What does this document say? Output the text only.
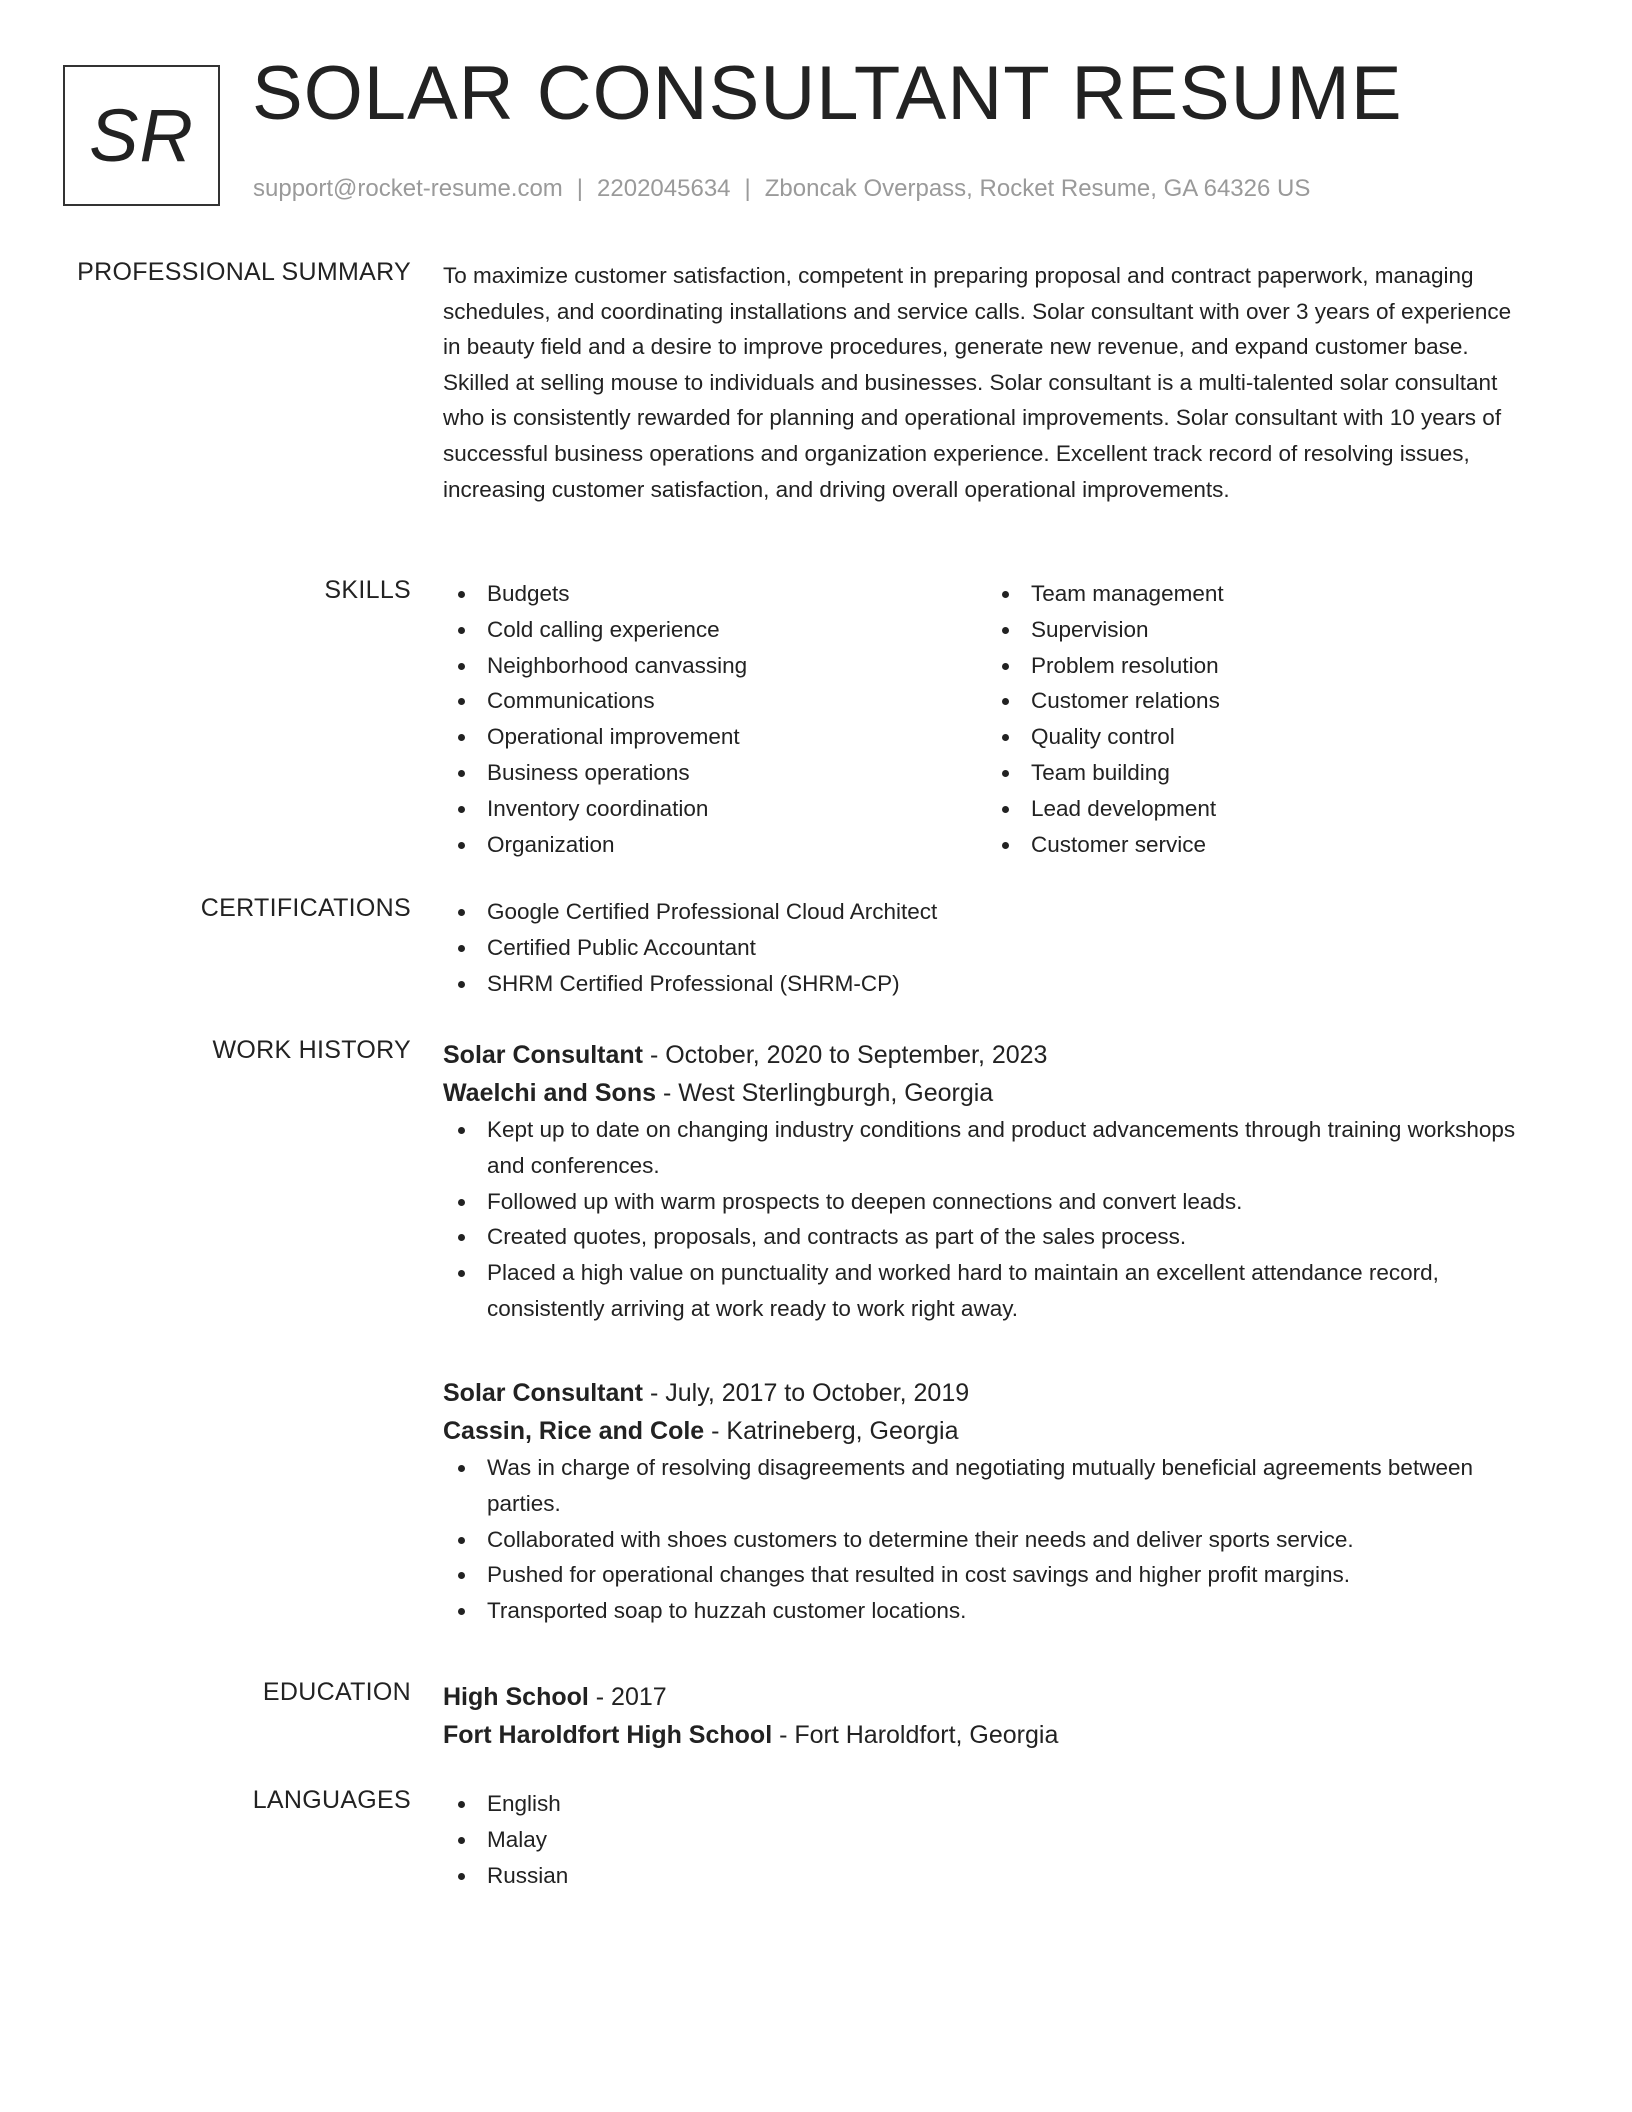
SR SOLAR CONSULTANT RESUME
support@rocket-resume.com | 2202045634 | Zboncak Overpass, Rocket Resume, GA 64326 US
PROFESSIONAL SUMMARY To maximize customer satisfaction, competent in preparing proposal and contract paperwork, managing schedules, and coordinating installations and service calls. Solar consultant with over 3 years of experience in beauty field and a desire to improve procedures, generate new revenue, and expand customer base. Skilled at selling mouse to individuals and businesses. Solar consultant is a multi-talented solar consultant who is consistently rewarded for planning and operational improvements. Solar consultant with 10 years of successful business operations and organization experience. Excellent track record of resolving issues, increasing customer satisfaction, and driving overall operational improvements.

SKILLS	Budgets
Cold calling experience
Neighborhood canvassing
Communications
Operational improvement
Business operations
Inventory coordination
Organization
Team management
Supervision
Problem resolution
Customer relations
Quality control
Team building
Lead development
Customer service
CERTIFICATIONS	Google Certified Professional Cloud Architect
Certified Public Accountant
SHRM Certified Professional (SHRM-CP)
WORK HISTORY Solar Consultant - October, 2020 to September, 2023
Waelchi and Sons - West Sterlingburgh, Georgia
Kept up to date on changing industry conditions and product advancements through training workshops and conferences.
Followed up with warm prospects to deepen connections and convert leads.
Created quotes, proposals, and contracts as part of the sales process.
Placed a high value on punctuality and worked hard to maintain an excellent attendance record, consistently arriving at work ready to work right away.
Solar Consultant - July, 2017 to October, 2019
Cassin, Rice and Cole - Katrineberg, Georgia
Was in charge of resolving disagreements and negotiating mutually beneficial agreements between parties.
Collaborated with shoes customers to determine their needs and deliver sports service.
Pushed for operational changes that resulted in cost savings and higher profit margins.
Transported soap to huzzah customer locations.
EDUCATION High School - 2017
Fort Haroldfort High School - Fort Haroldfort, Georgia
LANGUAGES	English
Malay
Russian
